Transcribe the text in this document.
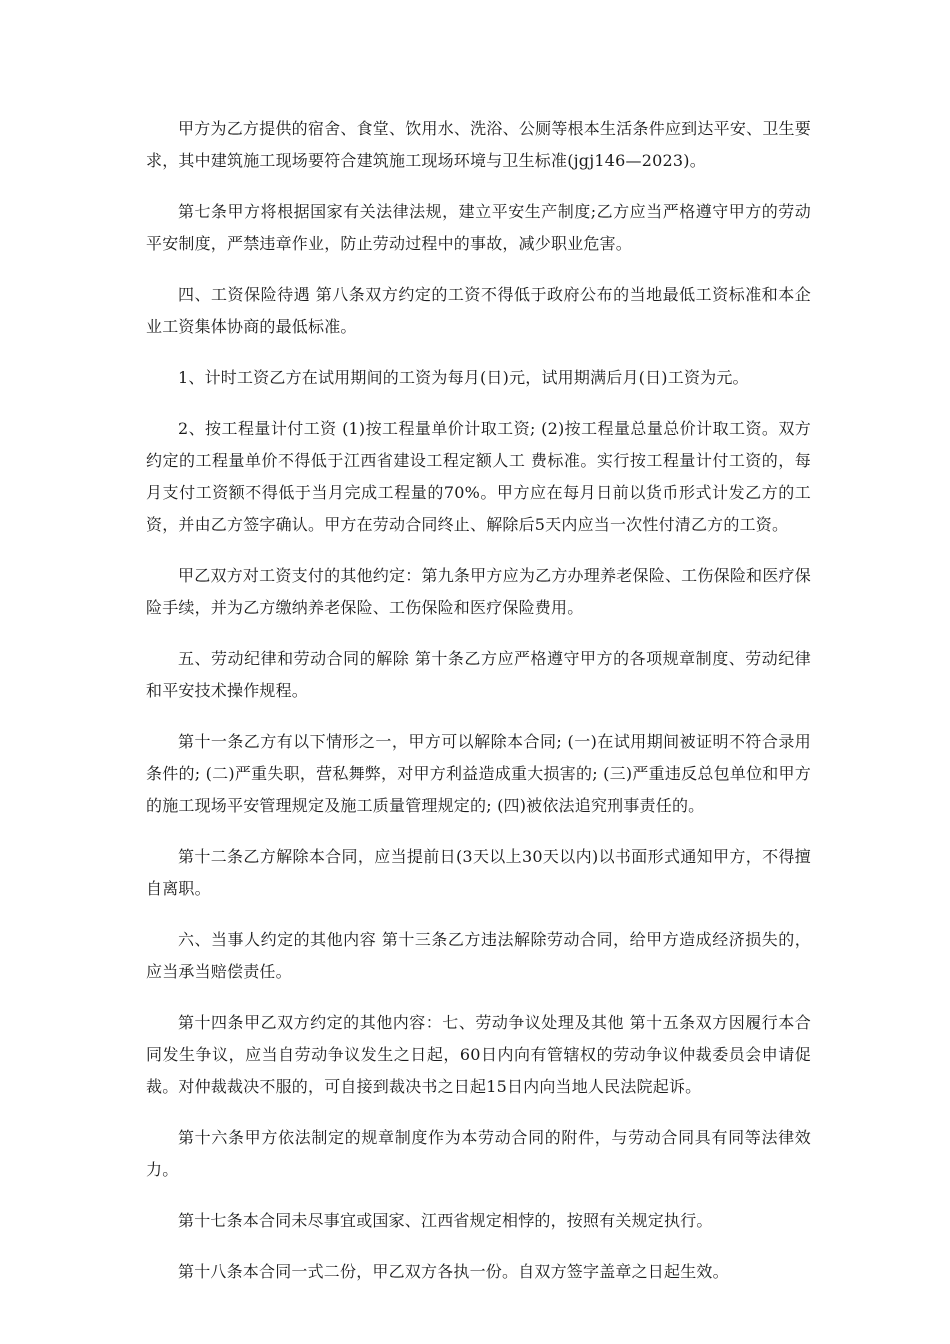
甲方为乙方提供的宿舍、食堂、饮用水、洗浴、公厕等根本生活条件应到达平安、卫生要求，其中建筑施工现场要符合建筑施工现场环境与卫生标准(jgj146—2023)。

第七条甲方将根据国家有关法律法规，建立平安生产制度;乙方应当严格遵守甲方的劳动平安制度，严禁违章作业，防止劳动过程中的事故，减少职业危害。

四、工资保险待遇 第八条双方约定的工资不得低于政府公布的当地最低工资标准和本企业工资集体协商的最低标准。

1、计时工资乙方在试用期间的工资为每月(日)元，试用期满后月(日)工资为元。

2、按工程量计付工资 (1)按工程量单价计取工资; (2)按工程量总量总价计取工资。双方约定的工程量单价不得低于江西省建设工程定额人工 费标准。实行按工程量计付工资的，每月支付工资额不得低于当月完成工程量的70%。甲方应在每月日前以货币形式计发乙方的工资，并由乙方签字确认。甲方在劳动合同终止、解除后5天内应当一次性付清乙方的工资。

甲乙双方对工资支付的其他约定：第九条甲方应为乙方办理养老保险、工伤保险和医疗保险手续，并为乙方缴纳养老保险、工伤保险和医疗保险费用。

五、劳动纪律和劳动合同的解除 第十条乙方应严格遵守甲方的各项规章制度、劳动纪律和平安技术操作规程。

第十一条乙方有以下情形之一，甲方可以解除本合同; (一)在试用期间被证明不符合录用条件的; (二)严重失职，营私舞弊，对甲方利益造成重大损害的; (三)严重违反总包单位和甲方的施工现场平安管理规定及施工质量管理规定的; (四)被依法追究刑事责任的。

第十二条乙方解除本合同，应当提前日(3天以上30天以内)以书面形式通知甲方，不得擅自离职。

六、当事人约定的其他内容 第十三条乙方违法解除劳动合同，给甲方造成经济损失的，应当承当赔偿责任。

第十四条甲乙双方约定的其他内容：七、劳动争议处理及其他 第十五条双方因履行本合同发生争议，应当自劳动争议发生之日起，60日内向有管辖权的劳动争议仲裁委员会申请促裁。对仲裁裁决不服的，可自接到裁决书之日起15日内向当地人民法院起诉。

第十六条甲方依法制定的规章制度作为本劳动合同的附件，与劳动合同具有同等法律效力。

第十七条本合同未尽事宜或国家、江西省规定相悖的，按照有关规定执行。

第十八条本合同一式二份，甲乙双方各执一份。自双方签字盖章之日起生效。
